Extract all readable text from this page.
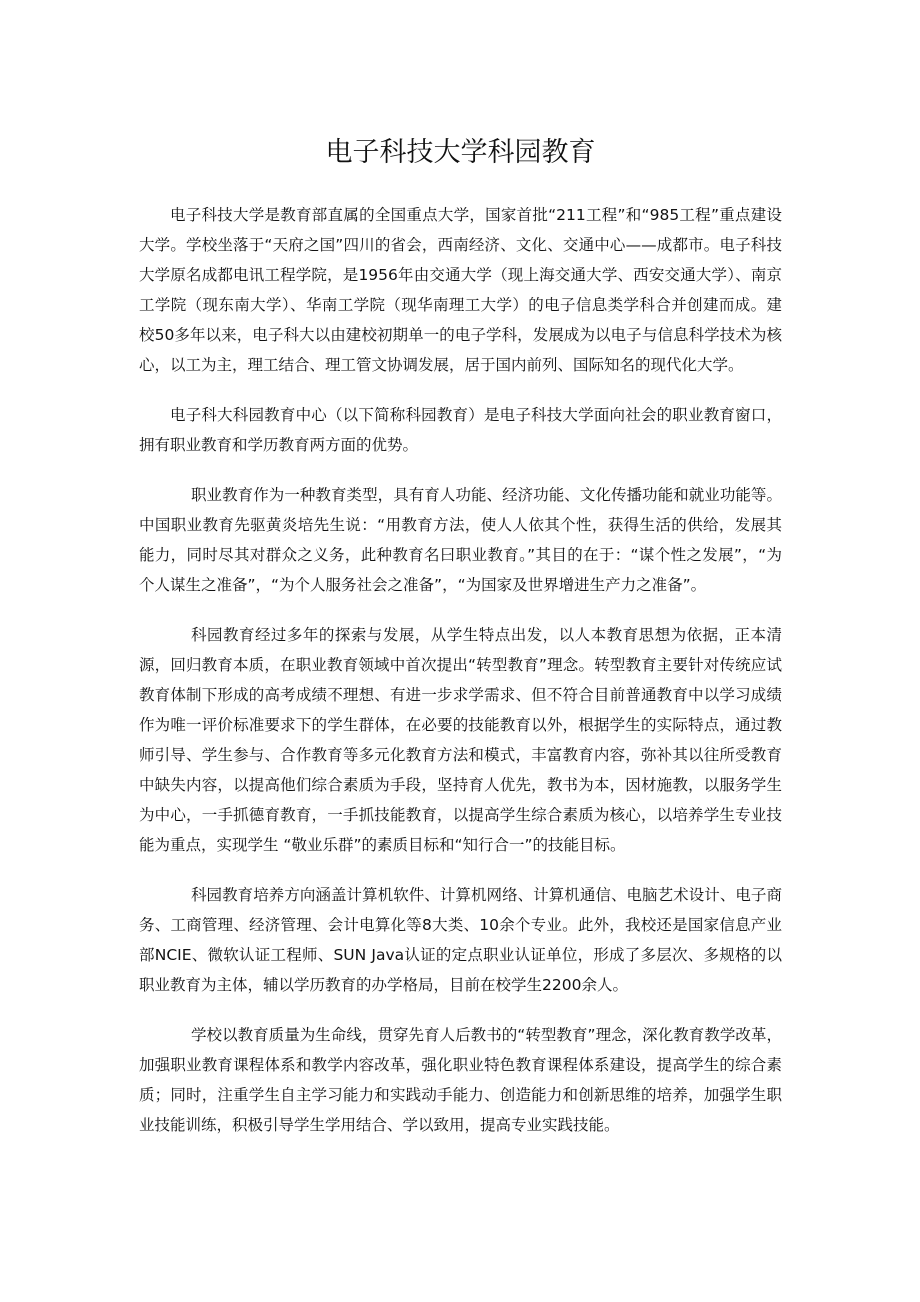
电子科技大学科园教育

电子科技大学是教育部直属的全国重点大学，国家首批“211工程”和“985工程”重点建设大学。学校坐落于“天府之国”四川的省会，西南经济、文化、交通中心——成都市。电子科技大学原名成都电讯工程学院，是1956年由交通大学（现上海交通大学、西安交通大学）、南京工学院（现东南大学）、华南工学院（现华南理工大学）的电子信息类学科合并创建而成。建校50多年以来，电子科大以由建校初期单一的电子学科，发展成为以电子与信息科学技术为核心，以工为主，理工结合、理工管文协调发展，居于国内前列、国际知名的现代化大学。

电子科大科园教育中心（以下简称科园教育）是电子科技大学面向社会的职业教育窗口，拥有职业教育和学历教育两方面的优势。

职业教育作为一种教育类型，具有育人功能、经济功能、文化传播功能和就业功能等。中国职业教育先驱黄炎培先生说：“用教育方法，使人人依其个性，获得生活的供给，发展其能力，同时尽其对群众之义务，此种教育名曰职业教育。”其目的在于：“谋个性之发展”，“为个人谋生之准备”，“为个人服务社会之准备”，“为国家及世界增进生产力之准备”。

科园教育经过多年的探索与发展，从学生特点出发，以人本教育思想为依据，正本清源，回归教育本质，在职业教育领域中首次提出“转型教育”理念。转型教育主要针对传统应试教育体制下形成的高考成绩不理想、有进一步求学需求、但不符合目前普通教育中以学习成绩作为唯一评价标准要求下的学生群体，在必要的技能教育以外，根据学生的实际特点，通过教师引导、学生参与、合作教育等多元化教育方法和模式，丰富教育内容，弥补其以往所受教育中缺失内容，以提高他们综合素质为手段，坚持育人优先，教书为本，因材施教，以服务学生为中心，一手抓德育教育，一手抓技能教育，以提高学生综合素质为核心，以培养学生专业技能为重点，实现学生 “敬业乐群”的素质目标和“知行合一”的技能目标。

科园教育培养方向涵盖计算机软件、计算机网络、计算机通信、电脑艺术设计、电子商务、工商管理、经济管理、会计电算化等8大类、10余个专业。此外，我校还是国家信息产业部NCIE、微软认证工程师、SUN Java认证的定点职业认证单位，形成了多层次、多规格的以职业教育为主体，辅以学历教育的办学格局，目前在校学生2200余人。

学校以教育质量为生命线，贯穿先育人后教书的“转型教育”理念，深化教育教学改革，加强职业教育课程体系和教学内容改革，强化职业特色教育课程体系建设，提高学生的综合素质；同时，注重学生自主学习能力和实践动手能力、创造能力和创新思维的培养，加强学生职业技能训练，积极引导学生学用结合、学以致用，提高专业实践技能。
